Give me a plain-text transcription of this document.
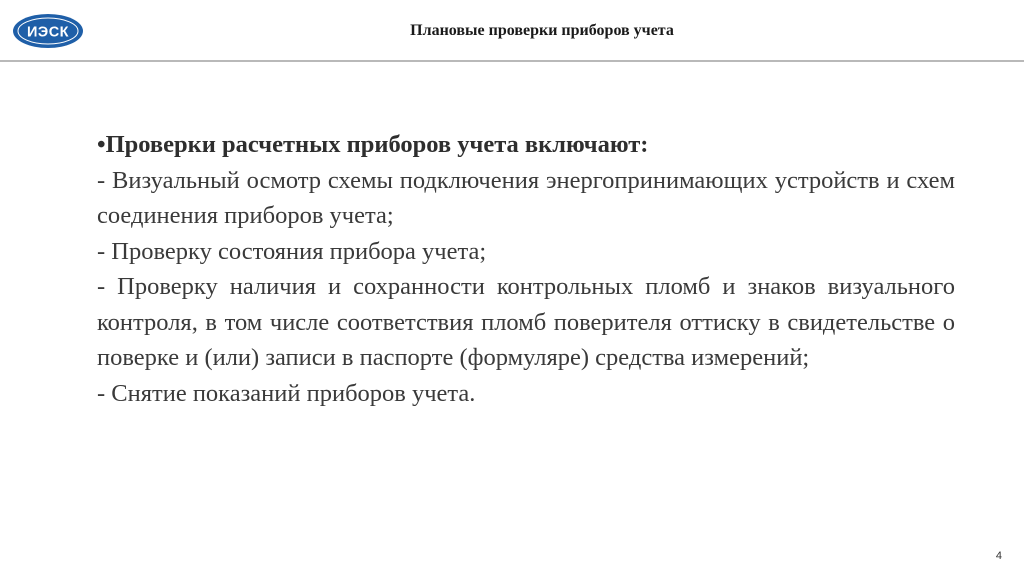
ИЭСК	Плановые проверки приборов учета

•Проверки расчетных приборов учета включают:

- Визуальный осмотр схемы подключения энергопринимающих устройств и схем соединения приборов учета;

- Проверку состояния прибора учета;

- Проверку наличия и сохранности контрольных пломб и знаков визуального контроля, в том числе соответствия пломб поверителя оттиску в свидетельстве о поверке и (или) записи в паспорте (формуляре) средства измерений;

- Снятие показаний приборов учета.

4
